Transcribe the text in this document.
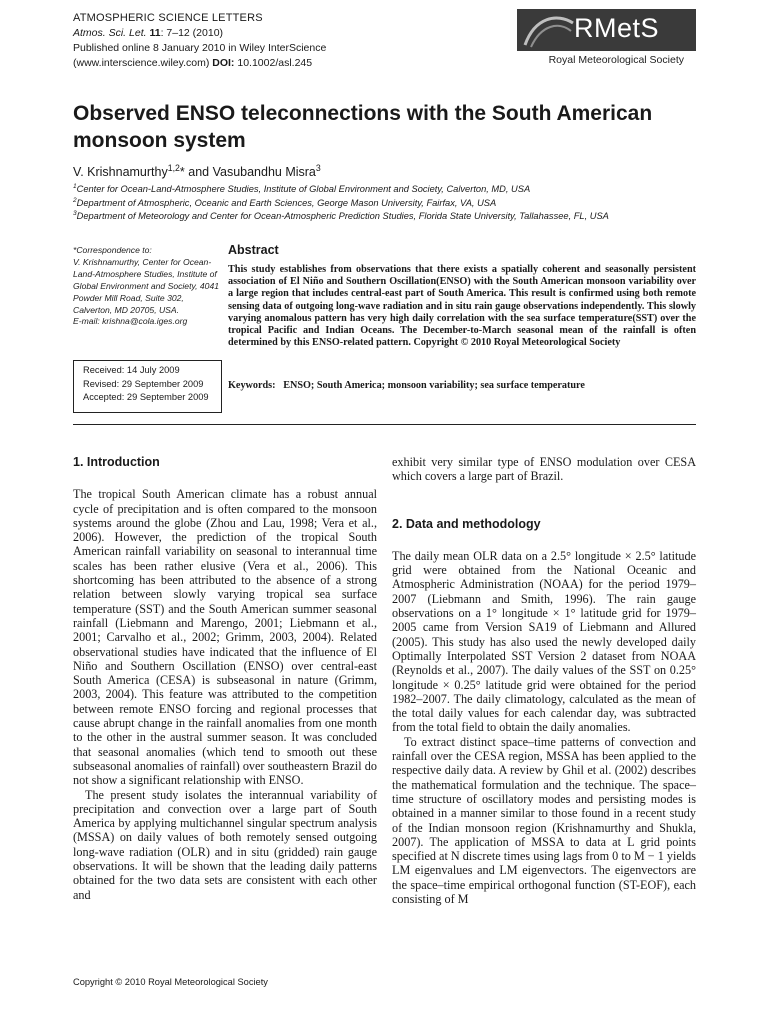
ATMOSPHERIC SCIENCE LETTERS
Atmos. Sci. Let. 11: 7–12 (2010)
Published online 8 January 2010 in Wiley InterScience
(www.interscience.wiley.com) DOI: 10.1002/asl.245
RMetS
Royal Meteorological Society
Observed ENSO teleconnections with the South American monsoon system
V. Krishnamurthy$^{1,2}$* and Vasubandhu Misra$^3$
$^1$Center for Ocean-Land-Atmosphere Studies, Institute of Global Environment and Society, Calverton, MD, USA
$^2$Department of Atmospheric, Oceanic and Earth Sciences, George Mason University, Fairfax, VA, USA
$^3$Department of Meteorology and Center for Ocean-Atmospheric Prediction Studies, Florida State University, Tallahassee, FL, USA
*Correspondence to:
V. Krishnamurthy, Center for Ocean-Land-Atmosphere Studies, Institute of Global Environment and Society, 4041 Powder Mill Road, Suite 302, Calverton, MD 20705, USA.
E-mail: krishna@cola.iges.org
Received: 14 July 2009
Revised: 29 September 2009
Accepted: 29 September 2009
Abstract
This study establishes from observations that there exists a spatially coherent and seasonally persistent association of El Niño and Southern Oscillation(ENSO) with the South American monsoon variability over a large region that includes central-east part of South America. This result is confirmed using both remote sensing data of outgoing long-wave radiation and in situ rain gauge observations independently. This slowly varying anomalous pattern has very high daily correlation with the sea surface temperature(SST) over the tropical Pacific and Indian Oceans. The December-to-March seasonal mean of the rainfall is often determined by this ENSO-related pattern. Copyright © 2010 Royal Meteorological Society
Keywords: ENSO; South America; monsoon variability; sea surface temperature
1. Introduction

The tropical South American climate has a robust annual cycle of precipitation and is often compared to the monsoon systems around the globe (Zhou and Lau, 1998; Vera et al., 2006). However, the prediction of the tropical South American rainfall variability on seasonal to interannual time scales has been rather elusive (Vera et al., 2006). This shortcoming has been attributed to the absence of a strong relation between slowly varying tropical sea surface temperature (SST) and the South American summer seasonal rainfall (Liebmann and Marengo, 2001; Liebmann et al., 2001; Carvalho et al., 2002; Grimm, 2003, 2004). Related observational studies have indicated that the influence of El Niño and Southern Oscillation (ENSO) over central-east South America (CESA) is subseasonal in nature (Grimm, 2003, 2004). This feature was attributed to the competition between remote ENSO forcing and regional processes that cause abrupt change in the rainfall anomalies from one month to the other in the austral summer season. It was concluded that seasonal anomalies (which tend to smooth out these subseasonal anomalies of rainfall) over southeastern Brazil do not show a significant relationship with ENSO.

The present study isolates the interannual variability of precipitation and convection over a large part of South America by applying multichannel singular spectrum analysis (MSSA) on daily values of both remotely sensed outgoing long-wave radiation (OLR) and in situ (gridded) rain gauge observations. It will be shown that the leading daily patterns obtained for the two data sets are consistent with each other and

exhibit very similar type of ENSO modulation over CESA which covers a large part of Brazil.

2. Data and methodology

The daily mean OLR data on a 2.5° longitude × 2.5° latitude grid were obtained from the National Oceanic and Atmospheric Administration (NOAA) for the period 1979–2007 (Liebmann and Smith, 1996). The rain gauge observations on a 1° longitude × 1° latitude grid for 1979–2005 came from Version SA19 of Liebmann and Allured (2005). This study has also used the newly developed daily Optimally Interpolated SST Version 2 dataset from NOAA (Reynolds et al., 2007). The daily values of the SST on 0.25° longitude × 0.25° latitude grid were obtained for the period 1982–2007. The daily climatology, calculated as the mean of the total daily values for each calendar day, was subtracted from the total field to obtain the daily anomalies.

To extract distinct space–time patterns of convection and rainfall over the CESA region, MSSA has been applied to the respective daily data. A review by Ghil et al. (2002) describes the mathematical formulation and the technique. The space–time structure of oscillatory modes and persisting modes is obtained in a manner similar to those found in a recent study of the Indian monsoon region (Krishnamurthy and Shukla, 2007). The application of MSSA to data at L grid points specified at N discrete times using lags from 0 to M − 1 yields LM eigenvalues and LM eigenvectors. The eigenvectors are the space–time empirical orthogonal function (ST-EOF), each consisting of M

Copyright © 2010 Royal Meteorological Society
